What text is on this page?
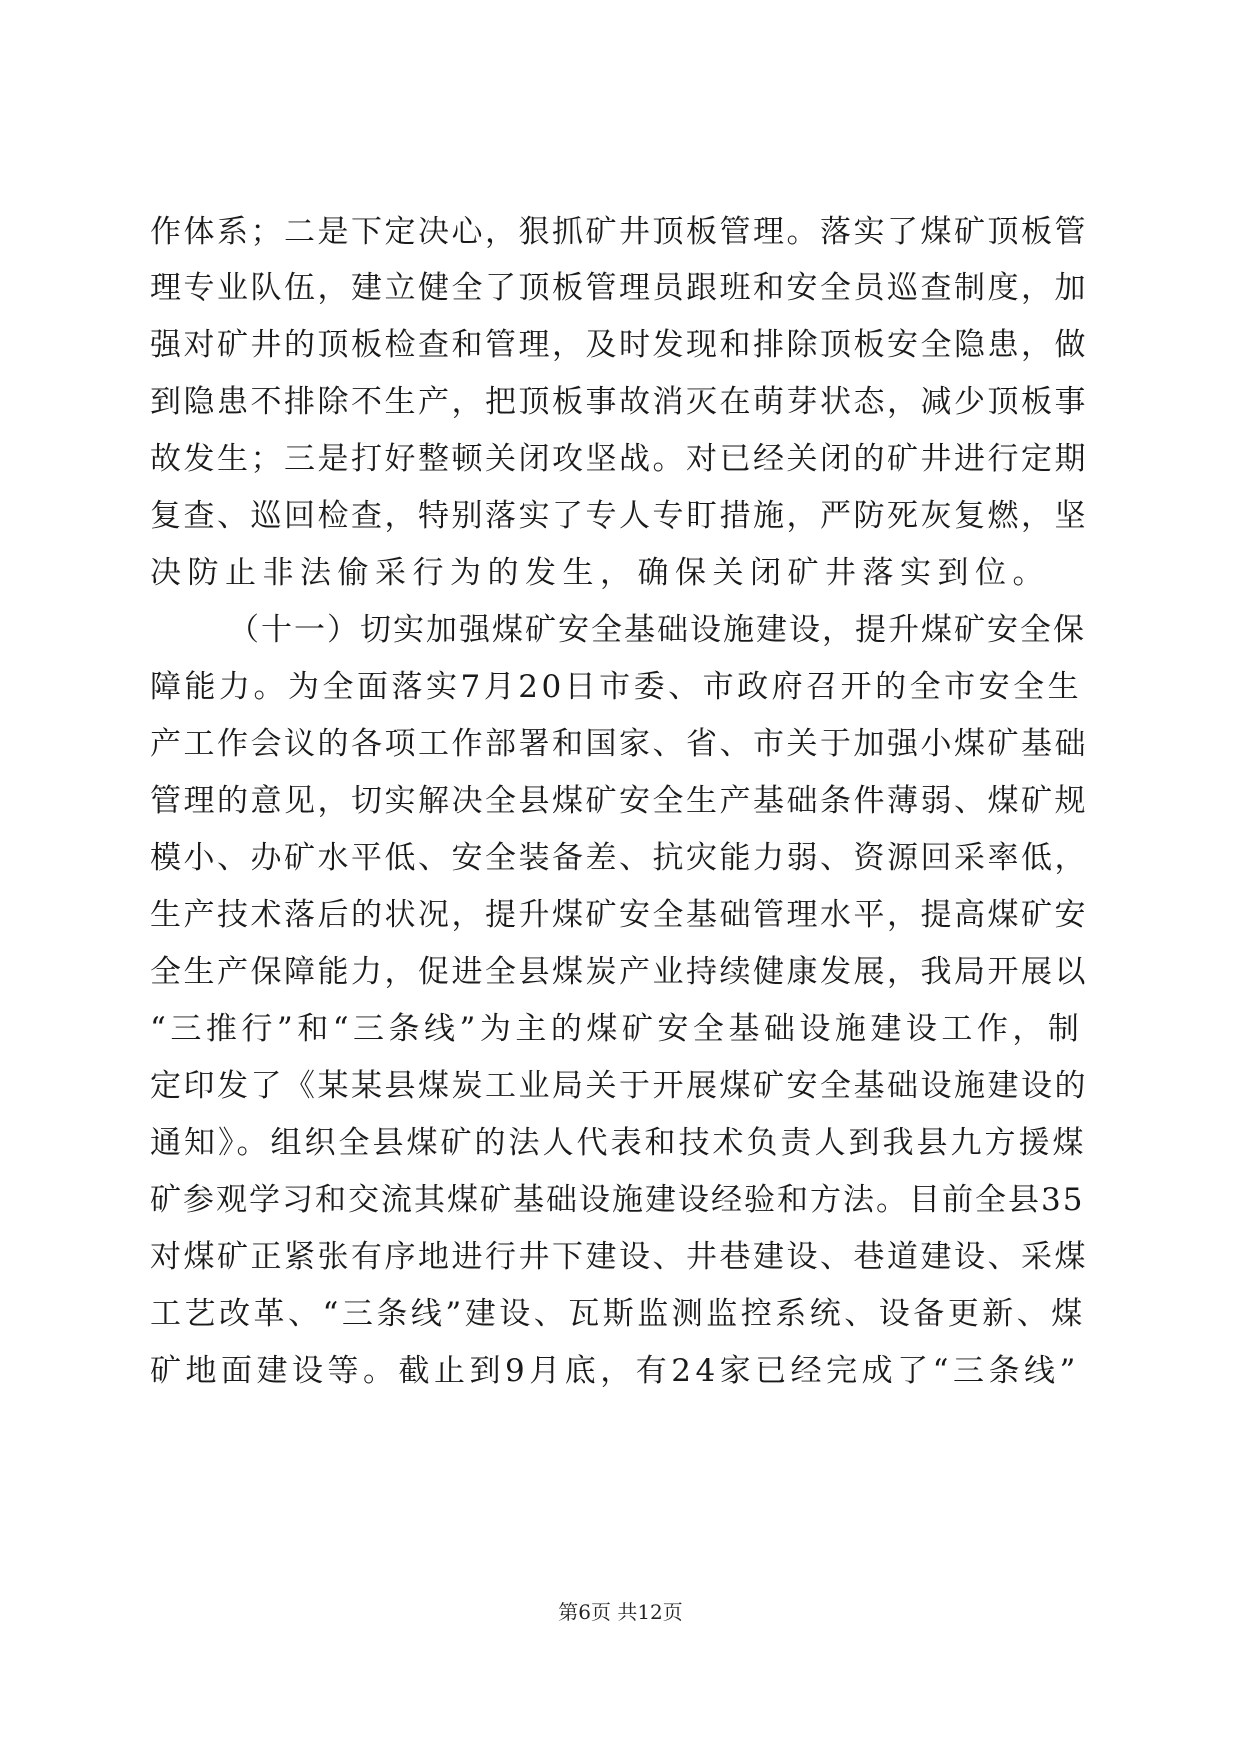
作体系；二是下定决心，狠抓矿井顶板管理。落实了煤矿顶板管
理专业队伍，建立健全了顶板管理员跟班和安全员巡查制度，加
强对矿井的顶板检查和管理，及时发现和排除顶板安全隐患，做
到隐患不排除不生产，把顶板事故消灭在萌芽状态，减少顶板事
故发生；三是打好整顿关闭攻坚战。对已经关闭的矿井进行定期
复查、巡回检查，特别落实了专人专盯措施，严防死灰复燃，坚
决防止非法偷采行为的发生，确保关闭矿井落实到位。
（十一）切实加强煤矿安全基础设施建设，提升煤矿安全保
障能力。为全面落实7月20日市委、市政府召开的全市安全生
产工作会议的各项工作部署和国家、省、市关于加强小煤矿基础
管理的意见，切实解决全县煤矿安全生产基础条件薄弱、煤矿规
模小、办矿水平低、安全装备差、抗灾能力弱、资源回采率低，
生产技术落后的状况，提升煤矿安全基础管理水平，提高煤矿安
全生产保障能力，促进全县煤炭产业持续健康发展，我局开展以
“三推行”和“三条线”为主的煤矿安全基础设施建设工作，制
定印发了《某某县煤炭工业局关于开展煤矿安全基础设施建设的
通知》。组织全县煤矿的法人代表和技术负责人到我县九方援煤
矿参观学习和交流其煤矿基础设施建设经验和方法。目前全县35
对煤矿正紧张有序地进行井下建设、井巷建设、巷道建设、采煤
工艺改革、“三条线”建设、瓦斯监测监控系统、设备更新、煤
矿地面建设等。截止到9月底，有24家已经完成了“三条线”
第6页 共12页
